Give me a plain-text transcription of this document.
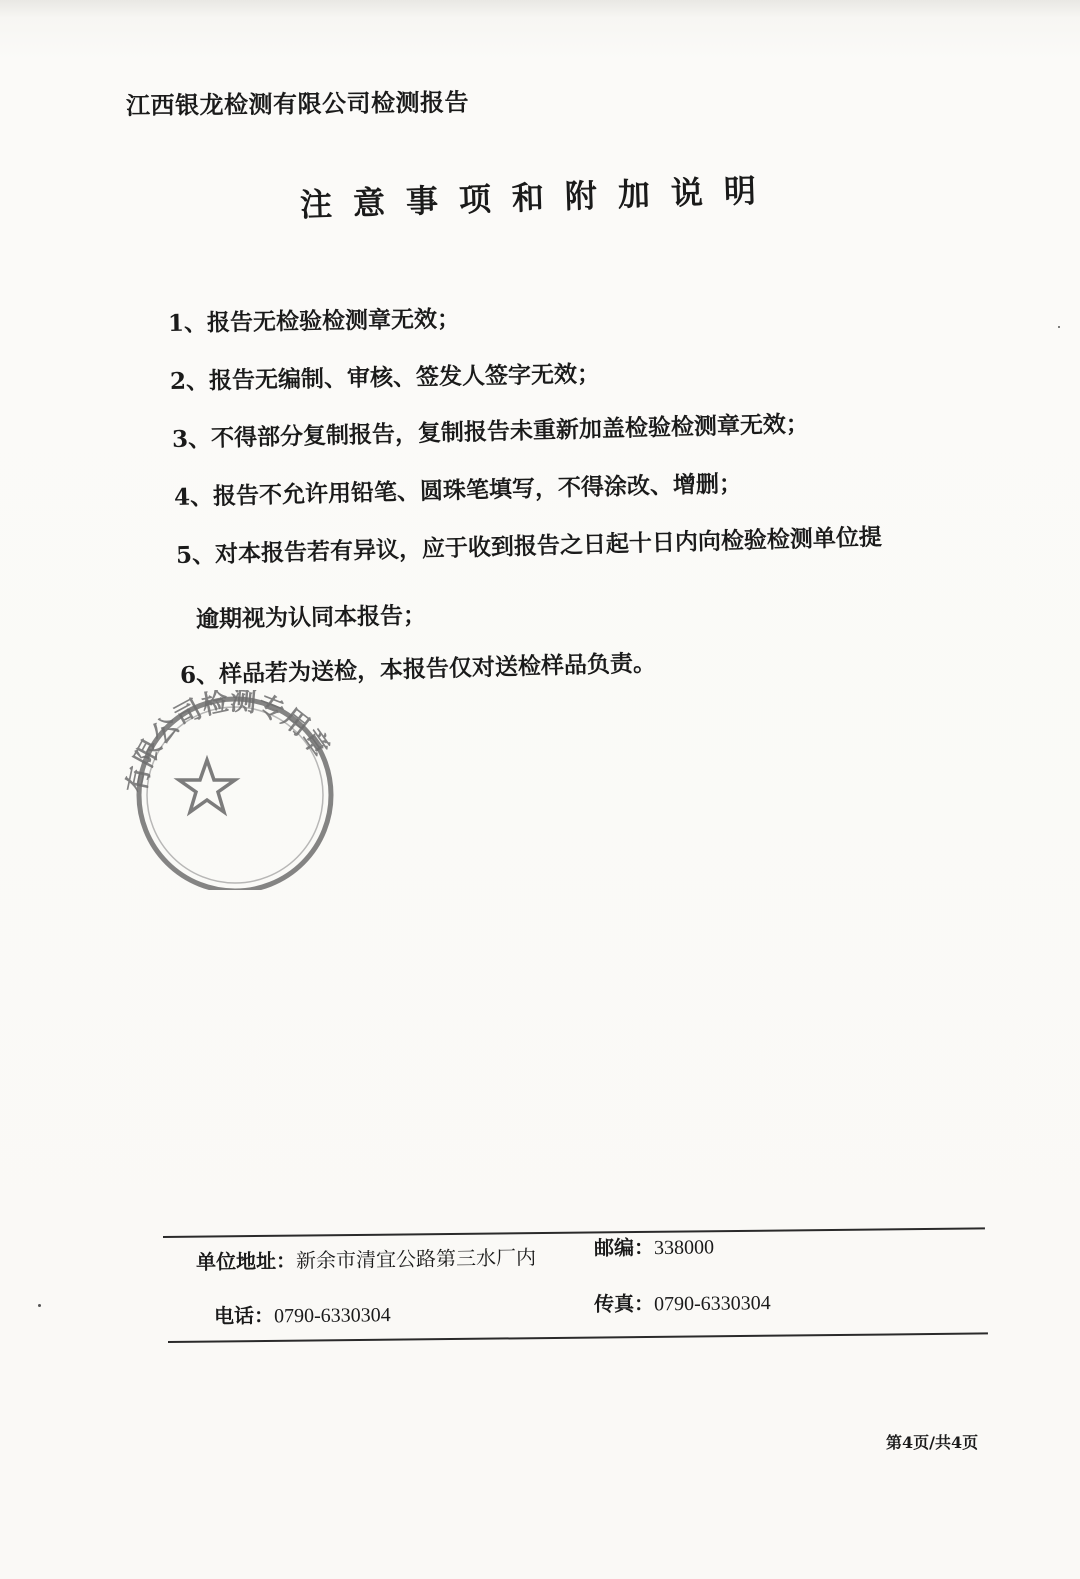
江西银龙检测有限公司检测报告
注意事项和附加说明
1、报告无检验检测章无效；
2、报告无编制、审核、签发人签字无效；
3、不得部分复制报告，复制报告未重新加盖检验检测章无效；
4、报告不允许用铅笔、圆珠笔填写，不得涂改、增删；
5、对本报告若有异议，应于收到报告之日起十日内向检验检测单位提
逾期视为认同本报告；
6、样品若为送检，本报告仅对送检样品负责。
有限公司检测专用章
单位地址：新余市清宜公路第三水厂内	邮编：338000
电话：0790-6330304	传真：0790-6330304
第4页/共4页
